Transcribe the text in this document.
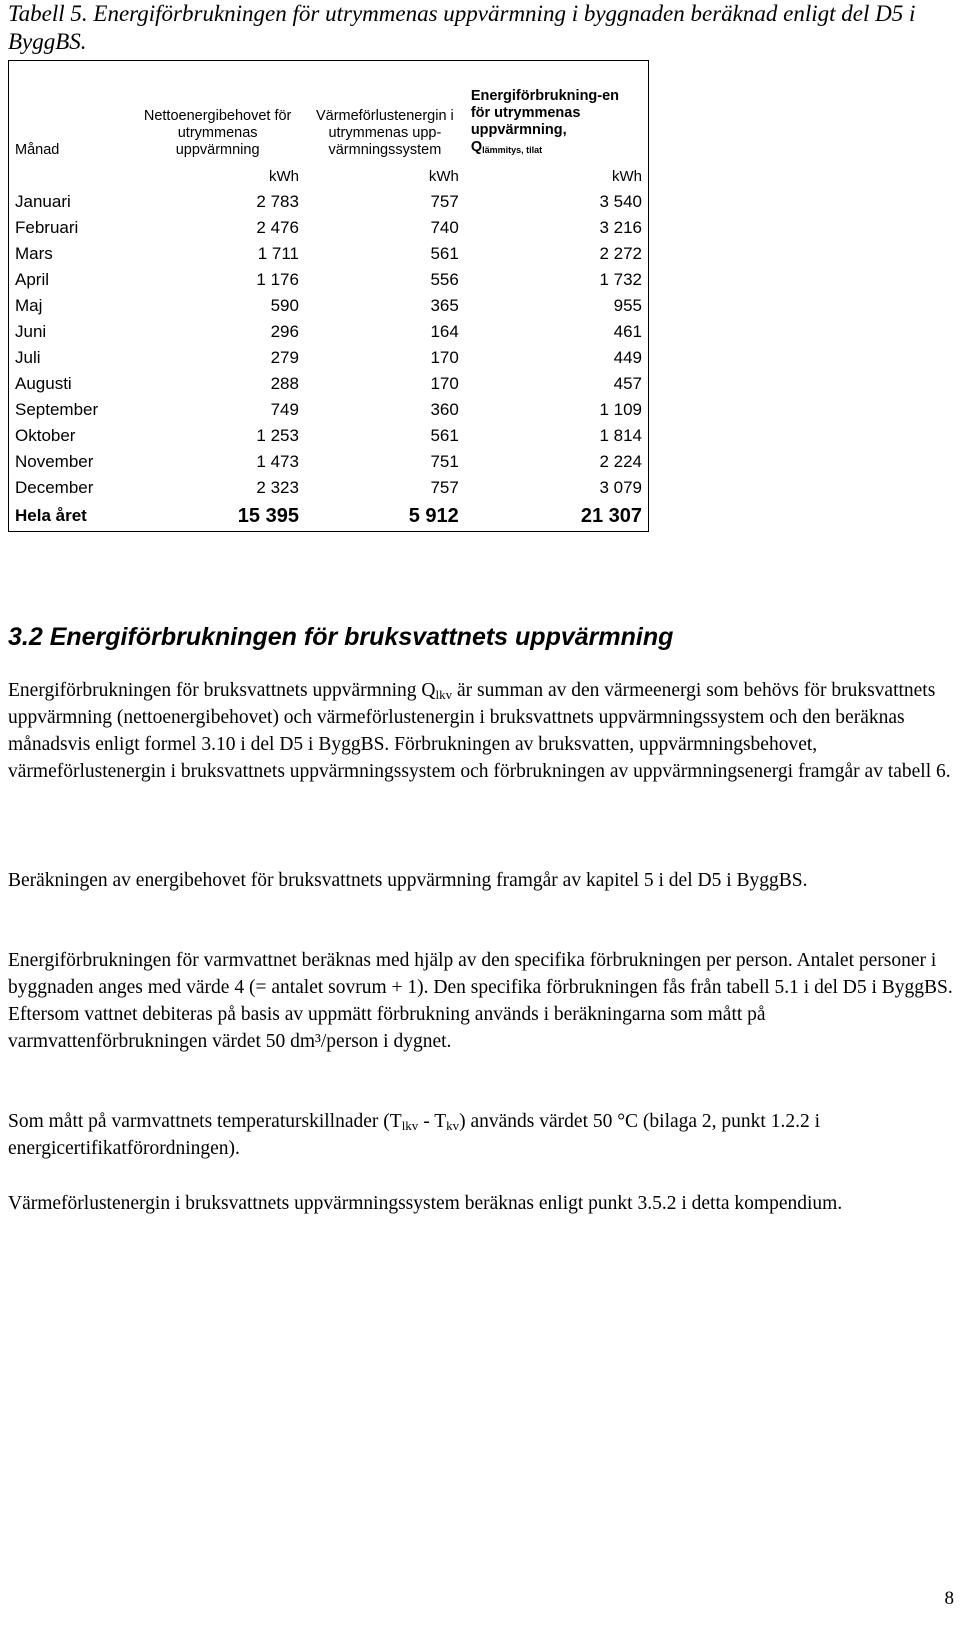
Tabell 5. Energiförbrukningen för utrymmenas uppvärmning i byggnaden beräknad enligt del D5 i ByggBS.

Månad	Nettoenergibehovet för utrymmenas uppvärmning	Värmeförlustenergin i utrymmenas upp-värmningssystem	Energiförbrukning-en för utrymmenas uppvärmning,
$Q_{lämmitys, tilat}$
	kWh	kWh	kWh
Januari	2 783	757	3 540
Februari	2 476	740	3 216
Mars	1 711	561	2 272
April	1 176	556	1 732
Maj	590	365	955
Juni	296	164	461
Juli	279	170	449
Augusti	288	170	457
September	749	360	1 109
Oktober	1 253	561	1 814
November	1 473	751	2 224
December	2 323	757	3 079
Hela året	15 395	5 912	21 307
3.2 Energiförbrukningen för bruksvattnets uppvärmning

Energiförbrukningen för bruksvattnets uppvärmning $Q_{lkv}$ är summan av den värmeenergi som behövs för bruksvattnets uppvärmning (nettoenergibehovet) och värmeförlustenergin i bruksvattnets uppvärmningssystem och den beräknas månadsvis enligt formel 3.10 i del D5 i ByggBS. Förbrukningen av bruksvatten, uppvärmningsbehovet, värmeförlustenergin i bruksvattnets uppvärmningssystem och förbrukningen av uppvärmningsenergi framgår av tabell 6.

Beräkningen av energibehovet för bruksvattnets uppvärmning framgår av kapitel 5 i del D5 i ByggBS.

Energiförbrukningen för varmvattnet beräknas med hjälp av den specifika förbrukningen per person. Antalet personer i byggnaden anges med värde 4 (= antalet sovrum + 1). Den specifika förbrukningen fås från tabell 5.1 i del D5 i ByggBS. Eftersom vattnet debiteras på basis av uppmätt förbrukning används i beräkningarna som mått på varmvattenförbrukningen värdet 50 dm³/person i dygnet.

Som mått på varmvattnets temperaturskillnader $(T_{lkv} - T_{kv})$ används värdet 50 °C (bilaga 2, punkt 1.2.2 i energicertifikatförordningen).

Värmeförlustenergin i bruksvattnets uppvärmningssystem beräknas enligt punkt 3.5.2 i detta kompendium.

8
